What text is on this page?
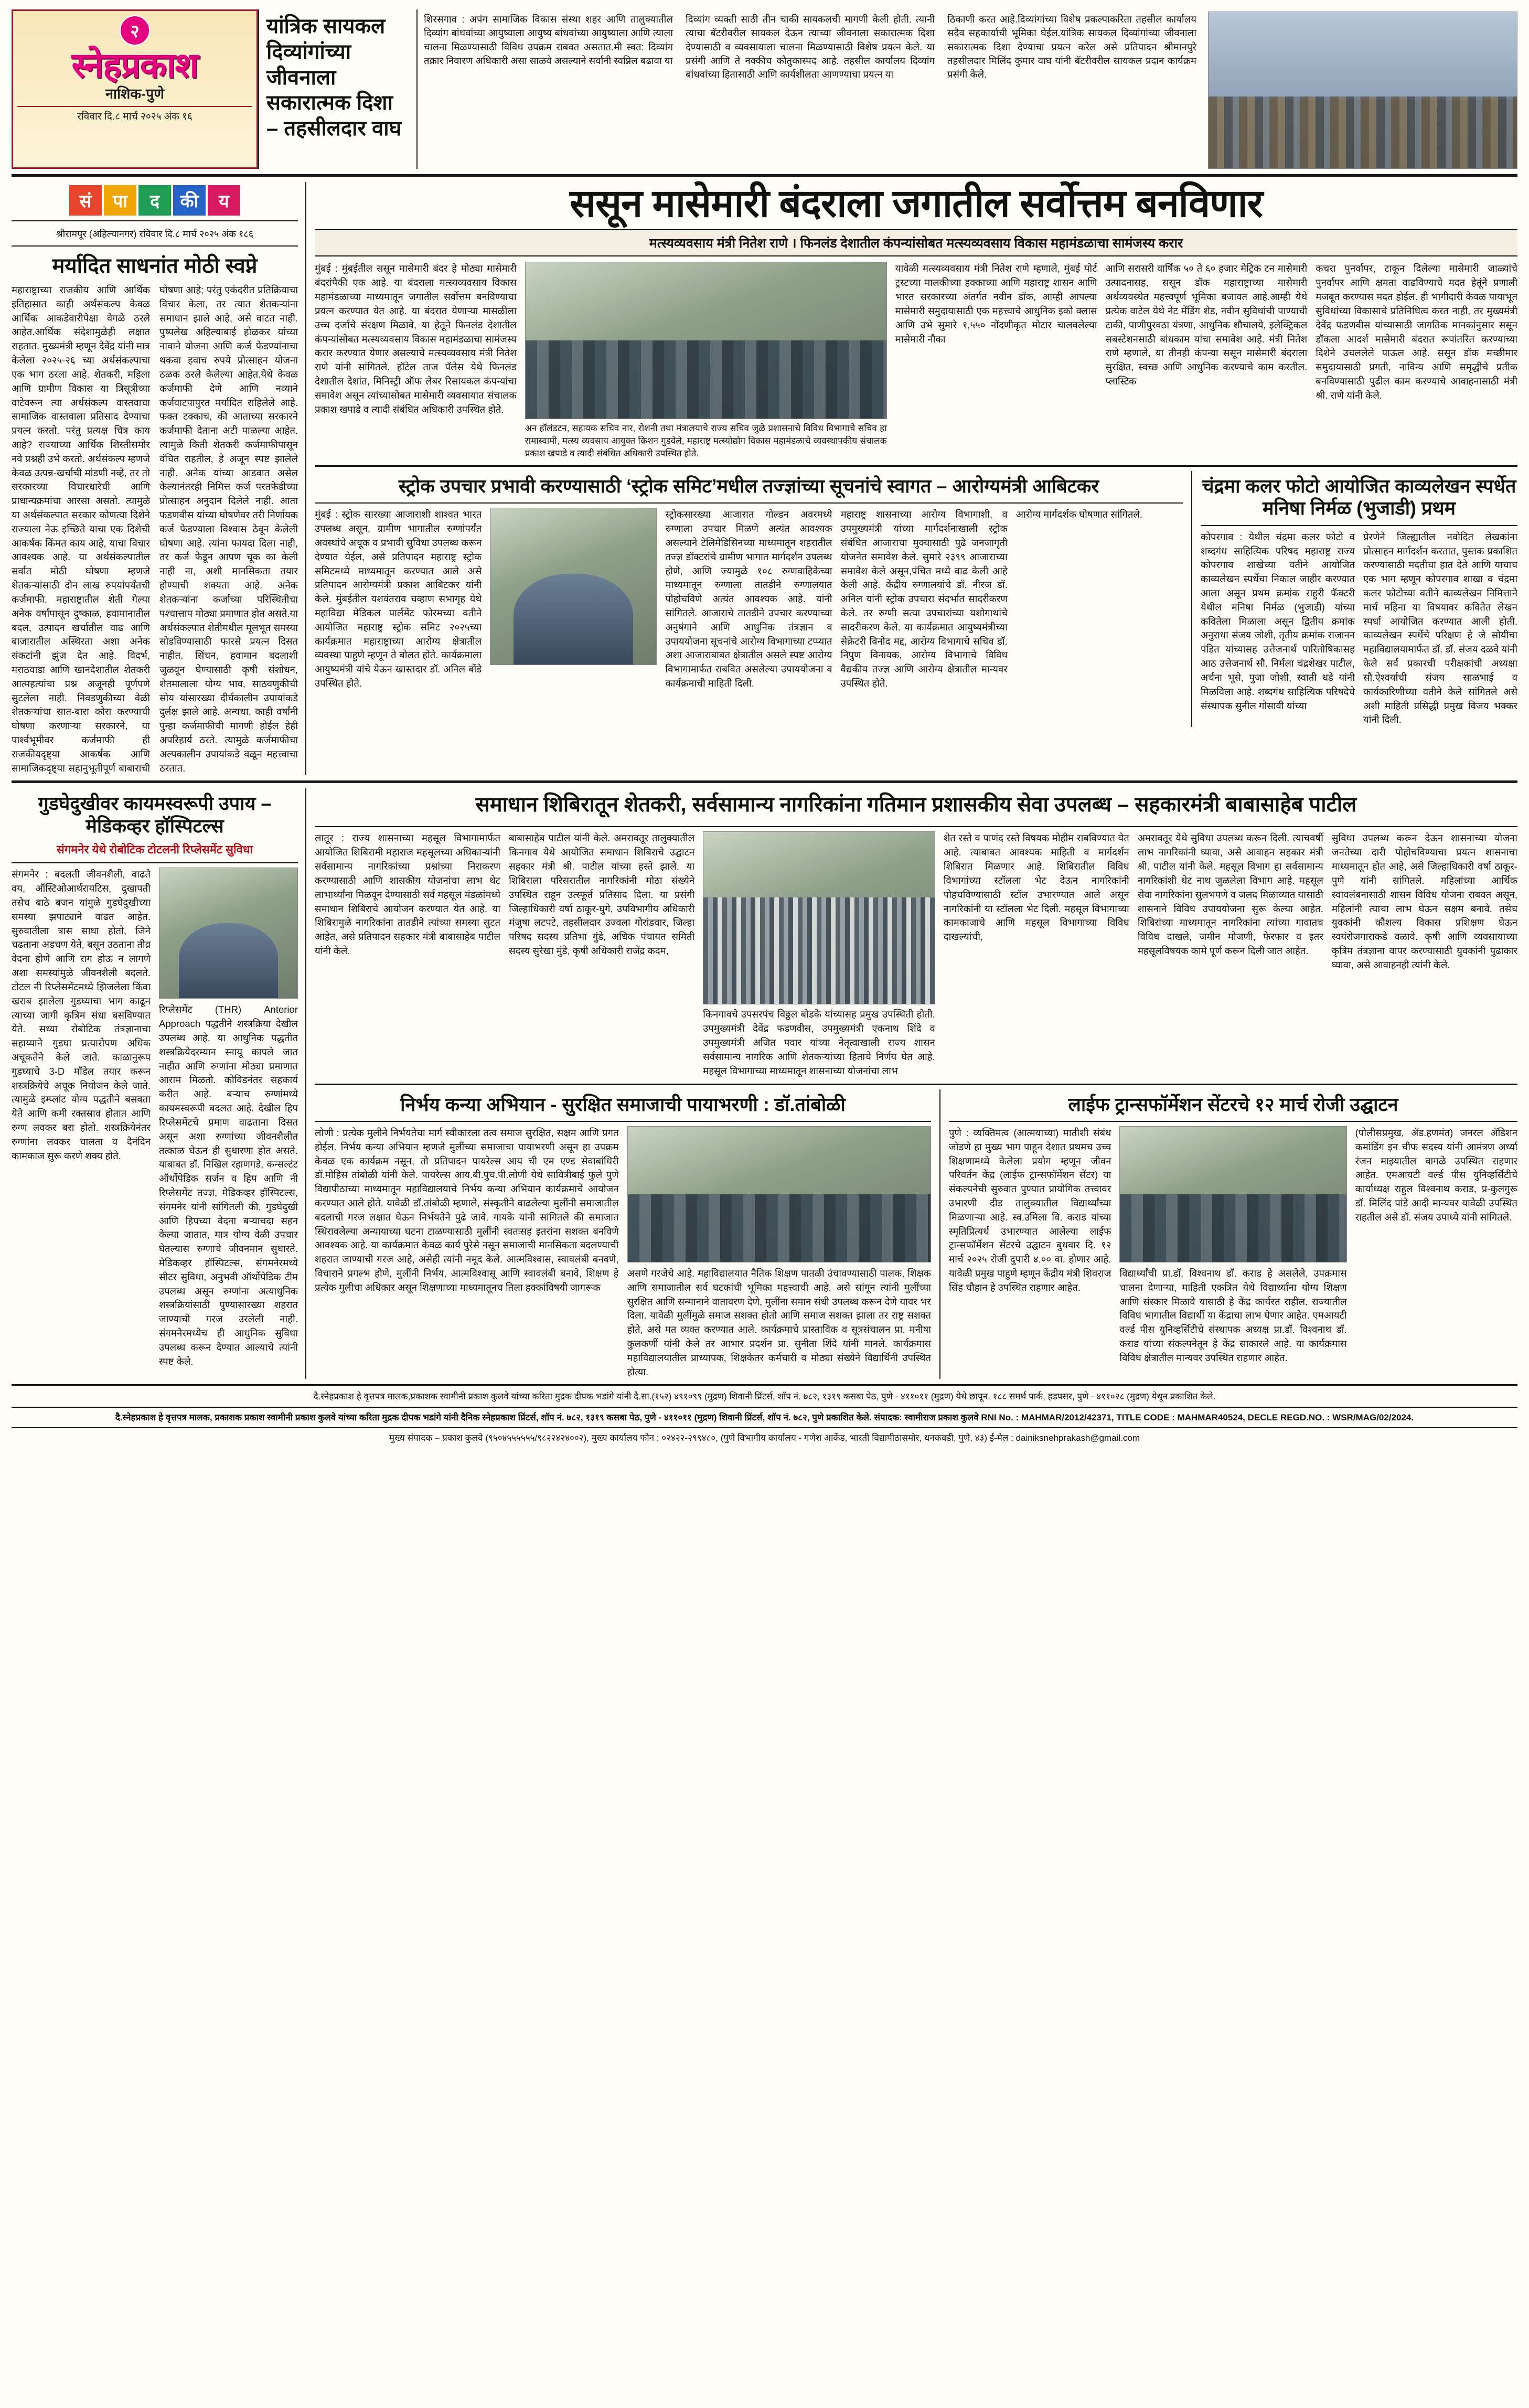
२
स्नेहप्रकाश
नाशिक-पुणे
रविवार दि.८ मार्च २०२५ अंक १६
यांत्रिक सायकल दिव्यांगांच्या जीवनाला सकारात्मक दिशा – तहसीलदार वाघ
शिरसगाव : अपंग सामाजिक विकास संस्था शहर आणि तालुक्यातील दिव्यांग बांधवांच्या आयुष्याला आयुष्य बांधवांच्या आयुष्याला आणि त्याला चालना मिळण्यासाठी विविध उपक्रम राबवत असतात.मी स्वत: दिव्यांग तक्रार निवारण अधिकारी असा साळवे असल्याने सर्वांनी स्वप्निल बढावा या
दिव्यांग व्यक्ती साठी तीन चाकी सायकलची मागणी केली होती. त्यानी त्याचा बॅटरीवरील सायकल देऊन त्याच्या जीवनाला सकारात्मक दिशा देण्यासाठी व व्यवसायाला चालना मिळण्यासाठी विशेष प्रयत्न केले. या प्रसंगी आणि ते नक्कीच कौतुकास्पद आहे. तहसील कार्यालय दिव्यांग बांधवांच्या हितासाठी आणि कार्यशीलता आणण्याचा प्रयत्न या
ठिकाणी करत आहे.दिव्यांगांच्या विशेष प्रकल्पाकरिता तहसील कार्यालय सदैव सहकार्याची भूमिका घेईल.यांत्रिक सायकल दिव्यांगांच्या जीवनाला सकारात्मक दिशा देण्याचा प्रयत्न करेल असे प्रतिपादन श्रीमानपुरे तहसीलदार मिलिंद कुमार वाघ यांनी बॅटरीवरील सायकल प्रदान कार्यक्रम प्रसंगी केले.
सं	पा	द	की	य
श्रीरामपूर (अहिल्यानगर) रविवार दि.८ मार्च २०२५ अंक १८६
मर्यादित साधनांत मोठी स्वप्ने
महाराष्ट्राच्या राजकीय आणि आर्थिक इतिहासात काही अर्थसंकल्प केवळ आर्थिक आकडेवारीपेक्षा वेगळे ठरले आहेत.आर्थिक संदेशामुळेही लक्षात राहतात. मुख्यमंत्री म्हणून देवेंद्र यांनी मात्र केलेला २०२५-२६ च्या अर्थसंकल्पाचा एक भाग ठरला आहे. शेतकरी, महिला आणि ग्रामीण विकास या त्रिसूत्रीच्या वाटेवरून त्या अर्थसंकल्प वास्तवाचा सामाजिक वास्तवाला प्रतिसाद देण्याचा प्रयत्न करतो. परंतु प्रत्यक्ष चित्र काय आहे? राज्याच्या आर्थिक शिस्तीसमोर नवे प्रश्नही उभे करतो. अर्थसंकल्प म्हणजे केवळ उत्पन्न-खर्चाची मांडणी नव्हे, तर तो सरकारच्या विचारधारेची आणि प्राधान्यक्रमांचा आरसा असतो. त्यामुळे या अर्थसंकल्पात सरकार कोणत्या दिशेने राज्याला नेऊ इच्छिते याचा एक दिशेची आकर्षक किंमत काय आहे, याचा विचार आवश्यक आहे. या अर्थसंकल्पातील सर्वात मोठी घोषणा म्हणजे शेतकऱ्यांसाठी दोन लाख रुपयांपर्यंतची कर्जमाफी. महाराष्ट्रातील शेती गेल्या अनेक वर्षांपासून दुष्काळ, हवामानातील बदल, उत्पादन खर्चातील वाढ आणि बाजारातील अस्थिरता अशा अनेक संकटांनी झुंज देत आहे. विदर्भ, मराठवाडा आणि खानदेशातील शेतकरी आत्महत्यांचा प्रश्न अजूनही पूर्णपणे सुटलेला नाही. निवडणुकीच्या वेळी शेतकऱ्यांचा सात-बारा कोरा करण्याची घोषणा करणाऱ्या सरकारने, या पार्श्वभूमीवर कर्जमाफी ही राजकीयदृष्ट्या आकर्षक आणि सामाजिकदृष्ट्या सहानुभूतीपूर्ण बाबाराची घोषणा आहे; परंतु एकंदरीत प्रतिक्रियाचा विचार केला, तर त्यात शेतकऱ्यांना समाधान झाले आहे, असे वाटत नाही. पुष्पलेख अहिल्याबाई होळकर यांच्या नावाने योजना आणि कर्ज फेडण्यांनाचा थकवा हवाच रुपये प्रोत्साहन योजना ठळक ठरले केलेल्या आहेत.येथे केवळ कर्जमाफी देणे आणि नव्याने कर्जवाटपापुरत मर्यादित राहिलेले आहे. फक्त टक्काच, की आताच्या सरकारने कर्जमाफी देताना अटी पाळल्या आहेत. त्यामुळे किती शेतकरी कर्जमाफीपासून वंचित राहतील, हे अजून स्पष्ट झालेले नाही. अनेक यांच्या आडवात असेल केल्यानंतरही निमित्त कर्ज परतफेडीच्या प्रोत्साहन अनुदान दिलेले नाही. आता फडणवीस यांच्या घोषणेवर तरी निर्णायक कर्ज फेडण्याला विश्वास ठेवून केलेली घोषणा आहे. त्यांना फायदा दिला नाही, तर कर्ज फेडून आपण चूक का केली नाही ना, अशी मानसिकता तयार होण्याची शक्यता आहे. अनेक शेतकऱ्यांना कर्जाच्या परिस्थितीचा पश्चात्ताप मोठ्या प्रमाणात होत असते.या अर्थसंकल्पात शेतीमधील मूलभूत समस्या सोडविण्यासाठी फारसे प्रयत्न दिसत नाहीत. सिंचन, हवामान बदलाशी जुळवून घेण्यासाठी कृषी संशोधन, शेतमालाला योग्य भाव, साठवणुकीची सोय यांसारख्या दीर्घकालीन उपायांकडे दुर्लक्ष झाले आहे. अन्यथा, काही वर्षांनी पुन्हा कर्जमाफीची मागणी होईल हेही अपरिहार्य ठरते. त्यामुळे कर्जमाफीचा अल्पकालीन उपायांकडे वळून महत्त्वाचा ठरतात.
ससून मासेमारी बंदराला जगातील सर्वोत्तम बनविणार
मत्स्यव्यवसाय मंत्री नितेश राणे । फिनलंड देशातील कंपन्यांसोबत मत्स्यव्यवसाय विकास महामंडळाचा सामंजस्य करार
मुंबई : मुंबईतील ससून मासेमारी बंदर हे मोठ्या मासेमारी बंदरांपैकी एक आहे. या बंदराला मत्स्यव्यवसाय विकास महामंडळाच्या माध्यमातून जगातील सर्वोत्तम बनविण्याचा प्रयत्न करण्यात येत आहे. या बंदरात येणाऱ्या मासळीला उच्च दर्जाचे संरक्षण मिळावे, या हेतूने फिनलंड देशातील कंपन्यांसोबत मत्स्यव्यवसाय विकास महामंडळाचा सामंजस्य करार करण्यात येणार असल्याचे मत्स्यव्यवसाय मंत्री नितेश राणे यांनी सांगितले. हॉटेल ताज पॅलेस येथे फिनलंड देशातील देशांत, मिनिस्ट्री ऑफ लेबर रिसायकल कंपन्यांचा समावेश असून त्यांच्यासोबत मासेमारी व्यवसायात संचालक प्रकाश खपाडे व त्यादी संबंधित अधिकारी उपस्थित होते.
अन हॉलंडटन, सहायक सचिव नार, रोशनी तथा मंत्रालयाचे राज्य सचिव जुळे प्रशासनाचे विविध विभागाचे सचिव हा रामास्वामी, मत्स्य व्यवसाय आयुक्त किशन गुडवेले, महाराष्ट्र मत्स्योद्योग विकास महामंडळाचे व्यवस्थापकीय संचालक प्रकाश खपाडे व त्यादी संबंधित अधिकारी उपस्थित होते.
यावेळी मत्स्यव्यवसाय मंत्री नितेश राणे म्हणाले, मुंबई पोर्ट ट्रस्टच्या मालकीच्या हक्काच्या आणि महाराष्ट्र शासन आणि भारत सरकारच्या अंतर्गत नवीन डॉक, आम्ही आपल्या मासेमारी समुदायासाठी एक महत्त्वाचे आधुनिक इको क्लास आणि उभे सुमारे १,५५० नोंदणीकृत मोटार चालवलेल्या मासेमारी नौका
आणि सरासरी वार्षिक ५० ते ६० हजार मेट्रिक टन मासेमारी उत्पादनासह, ससून डॉक महाराष्ट्राच्या मासेमारी अर्थव्यवस्थेत महत्त्वपूर्ण भूमिका बजावत आहे.आम्ही येथे प्रत्येक वाटेल येथे नेट मेंडिंग शेड, नवीन सुविधांची पाण्याची टाकी, पाणीपुरवठा यंत्रणा, आधुनिक शौचालये, इलेक्ट्रिकल सबस्टेशनसाठी बांधकाम यांचा समावेश आहे. मंत्री नितेश राणे म्हणाले, या तीनही कंपन्या ससून मासेमारी बंदराला सुरक्षित, स्वच्छ आणि आधुनिक करण्याचे काम करतील. प्लास्टिक
कचरा पुनर्वापर, टाकून दिलेल्या मासेमारी जाळ्यांचे पुनर्वापर आणि क्षमता वाढविण्याचे मदत हेतूंने प्रणाली मजबूत करण्यास मदत होईल. ही भागीदारी केवळ पायाभूत सुविधांच्या विकासाचे प्रतिनिधित्व करत नाही, तर मुख्यमंत्री देवेंद्र फडणवीस यांच्यासाठी जागतिक मानकांनुसार ससून डॉकला आदर्श मासेमारी बंदरात रूपांतरित करण्याच्या दिशेने उचललेले पाऊल आहे. ससून डॉक मच्छीमार समुदायासाठी प्रगती, नाविन्य आणि समृद्धीचे प्रतीक बनविण्यासाठी पुढील काम करण्याचे आवाहनासाठी मंत्री श्री. राणे यांनी केले.
स्ट्रोक उपचार प्रभावी करण्यासाठी ‘स्ट्रोक समिट’मधील तज्ज्ञांच्या सूचनांचे स्वागत – आरोग्यमंत्री आबिटकर
मुंबई : स्ट्रोक सारख्या आजाराशी शाश्वत भारत उपलब्ध असून, ग्रामीण भागातील रुग्णांपर्यंत अवस्थांचे अचूक व प्रभावी सुविधा उपलब्ध करून देण्यात येईल, असे प्रतिपादन महाराष्ट्र स्ट्रोक समिटमध्ये माध्यमातून करण्यात आले असे प्रतिपादन आरोग्यमंत्री प्रकाश आबिटकर यांनी केले. मुंबईतील यशवंतराव चव्हाण सभागृह येथे महाविद्या मेडिकल पार्लमेंट फोरमच्या वतीने आयोजित महाराष्ट्र स्ट्रोक समिट २०२५च्या कार्यक्रमात महाराष्ट्राच्या आरोग्य क्षेत्रातील व्यवस्था पाहुणे म्हणून ते बोलत होते. कार्यक्रमाला आयुष्यमंत्री यांचे येऊन खास्तदार डॉ. अनिल बोंडे उपस्थित होते.
स्ट्रोकसारख्या आजारात गोल्डन अवरमध्ये रुग्णाला उपचार मिळणे अत्यंत आवश्यक असल्याने टेलिमेडिसिनच्या माध्यमातून शहरातील तज्ज्ञ डॉक्टरांचे ग्रामीण भागात मार्गदर्शन उपलब्ध होणे, आणि ज्यामुळे १०८ रुग्णवाहिकेच्या माध्यमातून रुग्णाला तातडीने रुग्णालयात पोहोचविणे अत्यंत आवश्यक आहे. यांनी सांगितले. आजाराचे तातडीने उपचार करण्याच्या अनुषंगाने आणि आधुनिक तंत्रज्ञान व उपाययोजना सूचनांचे आरोग्य विभागाच्या टप्प्यात अशा आजाराबाबत क्षेत्रातील असले स्पष्ट आरोग्य विभागामार्फत राबवित असलेल्या उपाययोजना व कार्यक्रमाची माहिती दिली.
महाराष्ट्र शासनाच्या आरोग्य विभागाशी, व उपमुख्यमंत्री यांच्या मार्गदर्शनाखाली स्ट्रोक संबंधित आजाराचा मुक्यासाठी पुढे जनजागृती योजनेत समावेश केले. सुमारे २३९९ आजाराच्या समावेश केले असून,पंचित मध्ये वाढ केली आहे केली आहे. केंद्रीय रुग्णालयांचे डॉ. नीरज डॉ. अनिल यांनी स्ट्रोक उपचारा संदर्भात सादरीकरण केले. तर रुग्णी सत्या उपचारांच्या यशोगाथांचे सादरीकरण केले. या कार्यक्रमात आयुष्यमंत्रीच्या सेक्रेटरी विनोद मद्द, आरोग्य विभागाचे सचिव डॉ. निपुण विनायक, आरोग्य विभागाचे विविध वैद्यकीय तज्ज्ञ आणि आरोग्य क्षेत्रातील मान्यवर उपस्थित होते.
आरोग्य मार्गदर्शक घोषणात सांगितले.
चंद्रमा कलर फोटो आयोजित काव्यलेखन स्पर्धेत मनिषा निर्मळ (भुजाडी) प्रथम
कोपरगाव : येथील चंद्रमा कलर फोटो व शब्दगंध साहित्यिक परिषद महाराष्ट्र राज्य कोपरगाव शाखेच्या वतीने आयोजित काव्यलेखन स्पर्धेचा निकाल जाहीर करण्यात आला असून प्रथम क्रमांक राहुरी फॅक्टरी येथील मनिषा निर्मळ (भुजाडी) यांच्या कवितेला मिळाला असून द्वितीय क्रमांक अनुराधा संजय जोशी, तृतीय क्रमांक राजानन पंडित यांच्यासह उत्तेजनार्थ पारितोषिकासह आठ उत्तेजनार्थ सौ. निर्मला चंद्रशेखर पाटील, अर्चना भूसे, पुजा जोशी, स्वाती धडे यांनी मिळविला आहे. शब्दगंध साहित्यिक परिषदेचे संस्थापक सुनील गोसावी यांच्या
प्रेरणेने जिल्ह्यातील नवोदित लेखकांना प्रोत्साहन मार्गदर्शन करतात, पुस्तक प्रकाशित करण्यासाठी मदतीचा हात देते आणि याचाच एक भाग म्हणून कोपरगाव शाखा व चंद्रमा कलर फोटोच्या वतीने काव्यलेखन निमित्ताने मार्च महिना या विषयावर कवितेत लेखन स्पर्धा आयोजित करण्यात आली होती. काव्यलेखन स्पर्धेचे परिक्षण हे जे सोयीचा महाविद्यालयामार्फत डॉ. डॉ. संजय दळवे यांनी केले सर्व प्रकारची परीक्षकांची अध्यक्षा सौ.ऐश्वर्याची संजय साळभाई व कार्यकारिणीच्या वतीने केले सांगितले असे अशी माहिती प्रसिद्धी प्रमुख विजय भक्कर यांनी दिली.
गुडघेदुखीवर कायमस्वरूपी उपाय – मेडिकव्हर हॉस्पिटल्स
संगमनेर येथे रोबोटिक टोटलनी रिप्लेसमेंट सुविधा
संगमनेर : बदलती जीवनशैली, वाढते वय, ऑस्टिओआर्थरायटिस, दुखापती तसेच बाठे बजन यांमुळे गुडघेदुखीच्या समस्या झपाट्याने वाढत आहेत. सुरुवातीला त्रास साधा होतो, जिने चढताना अडचण येते, बसून उठताना तीव्र वेदना होणे आणि राग होऊ न लागणे अशा समस्यांमुळे जीवनशैली बदलते. टोटल नी रिप्लेसमेंटमध्ये झिजलेला किंवा खराब झालेला गुडघ्याचा भाग काढून त्याच्या जागी कृत्रिम संधा बसविण्यात येते. सध्या रोबोटिक तंत्रज्ञानाचा सहाय्याने गुडघा प्रत्यारोपण अधिक अचूकतेने केले जाते. काळानुरूप गुडघ्याचे 3-D मॉडेल तयार करून शस्त्रक्रियेचे अचूक नियोजन केले जाते. त्यामुळे इम्प्लांट योग्य पद्धतीने बसवता येते आणि कमी रक्तस्राव होतात आणि रुग्ण लवकर बरा होतो. शस्त्रक्रियेनंतर रुग्णांना लवकर चालता व दैनंदिन कामकाज सुरू करणे शक्य होते.
रिप्लेसमेंट (THR) Anterior Approach पद्धतीने शस्त्रक्रिया देखील उपलब्ध आहे. या आधुनिक पद्धतीत शस्त्रक्रियेदरम्यान स्नायू कापले जात नाहीत आणि रुग्णांना मोठ्या प्रमाणात आराम मिळतो. कोविडनंतर सहकार्य करीत आहे. बऱ्याच रुग्णांमध्ये कायमस्वरूपी बदलत आहे. देखील हिप रिप्लेसमेंटचे प्रमाण वाढताना दिसत असून अशा रुग्णांच्या जीवनशैलीत तत्काळ घेऊन ही सुधारणा होत असते. याबाबत डॉ. निखिल रहाणगडे, कन्सल्टंट ऑर्थोपेडिक सर्जन व हिप आणि नी रिप्लेसमेंट तज्ज्ञ, मेडिकव्हर हॉस्पिटल्स, संगमनेर यांनी सांगितली की, गुडघेदुखी आणि हिपच्या वेदना बऱ्याचदा सहन केल्या जातात, मात्र योग्य वेळी उपचार घेतल्यास रुग्णाचे जीवनमान सुधारते. मेडिकव्हर हॉस्पिटल्स, संगमनेरमध्ये सीटर सुविधा, अनुभवी ऑर्थोपेडिक टीम उपलब्ध असून रुग्णांना अत्याधुनिक शस्त्रक्रियांसाठी पुण्यासारख्या शहरात जाण्याची गरज उरलेली नाही. संगमनेरमध्येच ही आधुनिक सुविधा उपलब्ध करून देण्यात आल्याचे त्यांनी स्पष्ट केले.
समाधान शिबिरातून शेतकरी, सर्वसामान्य नागरिकांना गतिमान प्रशासकीय सेवा उपलब्ध – सहकारमंत्री बाबासाहेब पाटील
लातूर : राज्य शासनाच्या महसूल विभागामार्फत आयोजित शिबिरामी महाराज महसूलच्या अधिकाऱ्यांनी सर्वसामान्य नागरिकांच्या प्रश्नांच्या निराकरण करण्यासाठी आणि शासकीय योजनांचा लाभ थेट लाभार्थ्यांना मिळवून देण्यासाठी सर्व महसूल मंडळांमध्ये समाधान शिबिराचे आयोजन करण्यात येत आहे. या शिबिरामुळे नागरिकांना तातडीने त्यांच्या समस्या सुटत आहेत, असे प्रतिपादन सहकार मंत्री बाबासाहेब पाटील यांनी केले.
बाबासाहेब पाटील यांनी केले. अमरावतूर तालुक्यातील किनगाव येथे आयोजित समाधान शिबिराचे उद्घाटन सहकार मंत्री श्री. पाटील यांच्या हस्ते झाले. या शिबिराला परिसरातील नागरिकांनी मोठा संख्येने उपस्थित राहून उत्स्फूर्त प्रतिसाद दिला. या प्रसंगी जिल्हाधिकारी वर्षा ठाकूर-घुगे, उपविभागीय अधिकारी मंजुषा लटपटे, तहसीलदार उज्वला गोरांडवार, जिल्हा परिषद सदस्य प्रतिभा गुंडे, अधिक पंचायत समिती सदस्य सुरेखा मुंडे, कृषी अधिकारी राजेंद्र कदम,
किनगावचे उपसरपंच विठ्ठल बोडके यांच्यासह प्रमुख उपस्थिती होती. उपमुख्यमंत्री देवेंद्र फडणवीस, उपमुख्यमंत्री एकनाथ शिंदे व उपमुख्यमंत्री अजित पवार यांच्या नेतृत्वाखाली राज्य शासन सर्वसामान्य नागरिक आणि शेतकऱ्यांच्या हिताचे निर्णय घेत आहे. महसूल विभागाच्या माध्यमातून शासनाच्या योजनांचा लाभ
शेत रस्ते व पाणंद रस्ते विषयक मोहीम राबविण्यात येत आहे. त्याबाबत आवश्यक माहिती व मार्गदर्शन शिबिरात मिळणार आहे. शिबिरातील विविध विभागांच्या स्टॉलला भेट देऊन नागरिकांनी पोहचविण्यासाठी स्टॉल उभारण्यात आले असून नागरिकांनी या स्टॉलला भेट दिली. महसूल विभागाच्या कामकाजाचे आणि महसूल विभागाच्या विविध दाखल्यांची,
अमरावतूर येथे सुविधा उपलब्ध करून दिली. त्याचवर्षी लाभ नागरिकांनी घ्यावा, असे आवाहन सहकार मंत्री श्री. पाटील यांनी केले. महसूल विभाग हा सर्वसामान्य नागरिकांशी थेट नाथ जुळलेला विभाग आहे. महसूल सेवा नागरिकांना सुलभपणे व जलद मिळाव्यात यासाठी शासनाने विविध उपाययोजना सुरू केल्या आहेत. शिबिरांच्या माध्यमातून नागरिकांना त्यांच्या गावातच विविध दाखले, जमीन मोजणी, फेरफार व इतर महसूलविषयक कामे पूर्ण करून दिली जात आहेत.
सुविधा उपलब्ध करून देऊन शासनाच्या योजना जनतेच्या दारी पोहोचविण्याचा प्रयत्न शासनाचा माध्यमातून होत आहे, असे जिल्हाधिकारी वर्षा ठाकूर-पुणे यांनी सांगितले. महिलांच्या आर्थिक स्वावलंबनासाठी शासन विविध योजना राबवत असून, महिलांनी त्याचा लाभ घेऊन सक्षम बनावे. तसेच युवकांनी कौशल्य विकास प्रशिक्षण घेऊन स्वयंरोजगाराकडे वळावे. कृषी आणि व्यवसायाच्या कृत्रिम तंत्रज्ञाना वापर करण्यासाठी युवकांनी पुढाकार घ्यावा, असे आवाहनही त्यांनी केले.
निर्भय कन्या अभियान - सुरक्षित समाजाची पायाभरणी : डॉ.तांबोळी
लोणी : प्रत्येक मुलीने निर्भयतेचा मार्ग स्वीकारला तत्व समाज सुरक्षित, सक्षम आणि प्रगत होईल. निर्भय कन्या अभियान म्हणजे मुलींच्या समाजाचा पायाभरणी असून हा उपक्रम केवळ एक कार्यक्रम नसून, तो प्रतिपादन पायरेल्स आय ची एम एण्ड सेवाबांधिरी डॉ.मोहिस तांबोळी यांनी केले. पायरेल्स आय.बी.पुच.पी.लोणी येथे सावित्रीबाई फुले पुणे विद्यापीठाच्या माध्यमातून महाविद्यालयाचे निर्भय कन्या अभियान कार्यक्रमाचे आयोजन करण्यात आले होते. यावेळी डॉ.तांबोळी म्हणाले, संस्कृतीने वाढलेल्या मुलींनी समाजातील बदलाची गरज लक्षात घेऊन निर्भयतेने पुढे जावे. गायके यांनी सांगितले की समाजात स्थिरावलेल्या अन्यायाच्या घटना टाळण्यासाठी मुलींनी स्वतःसह इतरांना सशक्त बनविणे आवश्यक आहे. या कार्यक्रमात केवळ कार्य पुरेसे नसून समाजाची मानसिकता बदलण्याची शहरात जाण्याची गरज आहे, असेही त्यांनी नमूद केले. आत्मविश्वास, स्वावलंबी बनवणे, विचाराने प्रगल्भ होणे, मुलींनी निर्भय, आत्मविश्वासू आणि स्वावलंबी बनावे, शिक्षण हे प्रत्येक मुलीचा अधिकार असून शिक्षणाच्या माध्यमातूनच तिला हक्कांविषयी जागरूक
असणे गरजेचे आहे. महाविद्यालयात नैतिक शिक्षण पातळी उंचावण्यासाठी पालक, शिक्षक आणि समाजातील सर्व घटकांची भूमिका महत्त्वाची आहे, असे सांगून त्यांनी मुलींच्या सुरक्षित आणि सन्मानाने वातावरण देणे, मुलींना समान संधी उपलब्ध करून देणे यावर भर दिला. यावेळी मुलींमुळे समाज सशक्त होतो आणि समाज सशक्त झाला तर राष्ट्र सशक्त होते, असे मत व्यक्त करण्यात आले. कार्यक्रमाचे प्रास्ताविक व सूत्रसंचालन प्रा. मनीषा कुलकर्णी यांनी केले तर आभार प्रदर्शन प्रा. सुनीता शिंदे यांनी मानले. कार्यक्रमास महाविद्यालयातील प्राध्यापक, शिक्षकेतर कर्मचारी व मोठ्या संख्येने विद्यार्थिनी उपस्थित होत्या.
लाईफ ट्रान्सफॉर्मेशन सेंटरचे १२ मार्च रोजी उद्घाटन
पुणे : व्यक्तिमत्व (आत्मयाच्या) मातीशी संबंध जोडणे हा मुख्य भाग पाहून देशात प्रथमच उच्च शिक्षणामध्ये केलेला प्रयोग म्हणून जीवन परिवर्तन केंद्र (लाईफ ट्रान्सफॉर्मेशन सेंटर) या संकल्पनेची सुरुवात पुण्यात प्रायोगिक तत्त्वावर उभारणी दीड तालुक्यातील विद्यार्थ्यांच्या मिळणाऱ्या आहे. स्व.उमिला वि. कराड यांच्या स्मृतिप्रित्यर्थ उभारण्यात आलेल्या लाईफ ट्रान्सफॉर्मेशन सेंटरचे उद्घाटन बुधवार दि. १२ मार्च २०२५ रोजी दुपारी ४.०० वा. होणार आहे. यावेळी प्रमुख पाहुणे म्हणून केंद्रीय मंत्री शिवराज सिंह चौहान हे उपस्थित राहणार आहेत.
विद्यार्थ्यांची प्रा.डॉ. विश्वनाथ डॉ. कराड हे असलेले, उपक्रमास चालना देणाऱ्या, माहिती एकत्रित येथे विद्यार्थ्यांना योग्य शिक्षण आणि संस्कार मिळावे यासाठी हे केंद्र कार्यरत राहील. राज्यातील विविध भागातील विद्यार्थी या केंद्राचा लाभ घेणार आहेत. एमआयटी वर्ल्ड पीस युनिव्हर्सिटीचे संस्थापक अध्यक्ष प्रा.डॉ. विश्वनाथ डॉ. कराड यांच्या संकल्पनेतून हे केंद्र साकारले आहे. या कार्यक्रमास विविध क्षेत्रातील मान्यवर उपस्थित राहणार आहेत.
(पोलीसप्रमुख, ॲड.हणमंत) जनरल ॲडिशन कमांडिंग इन चीफ सदस्य यांनी आमंत्रण अर्ध्या रंजन माझ्यातील वागळे उपस्थित राहणार आहेत. एमआयटी वर्ल्ड पीस युनिव्हर्सिटीचे कार्याध्यक्ष राहुल विश्वनाथ कराड, प्र-कुलगुरू डॉ. मिलिंद पांडे आदी मान्यवर यावेळी उपस्थित राहतील असे डॉ. संजय उपाध्ये यांनी सांगितले.
दै.स्नेहप्रकाश हे वृत्तपत्र मालक,प्रकाशक स्वामीनी प्रकाश कुलवे यांच्या करिता मुद्रक दीपक भडांगे यांनी दै.सा.(१५२) ४९१०९९ (मुद्रण) शिवानी प्रिंटर्स, शॉप नं. ७८२, १३१९ कसबा पेठ, पुणे - ४११०११ (मुद्रण) येथे छापून, १८८ समर्थ पार्क, हडपसर, पुणे - ४११०२८ (मुद्रण) येथून प्रकाशित केले.
दै.स्नेहप्रकाश हे वृत्तपत्र मालक, प्रकाशक प्रकाश स्वामीनी प्रकाश कुलवे यांच्या करिता मुद्रक दीपक भडांगे यांनी दैनिक स्नेहप्रकाश प्रिंटर्स, शॉप नं. ७८२, १३१९ कसबा पेठ, पुणे - ४११०११ (मुद्रण) शिवानी प्रिंटर्स, शॉप नं. ७८२, पुणे प्रकाशित केले. संपादक: स्वामीराज प्रकाश कुलवे RNI No. : MAHMAR/2012/42371, TITLE CODE : MAHMAR40524, DECLE REGD.NO. : WSR/MAG/02/2024.
मुख्य संपादक – प्रकाश कुलवे (९५०४५५५५५५/९८२२४२४००२), मुख्य कार्यालय फोन : ०२४२२-२९९४८०, (पुणे विभागीय कार्यालय - गणेश आर्केड, भारती विद्यापीठासमोर, धनकवडी, पुणे, ४३) ई-मेल : dainiksnehprakash@gmail.com
